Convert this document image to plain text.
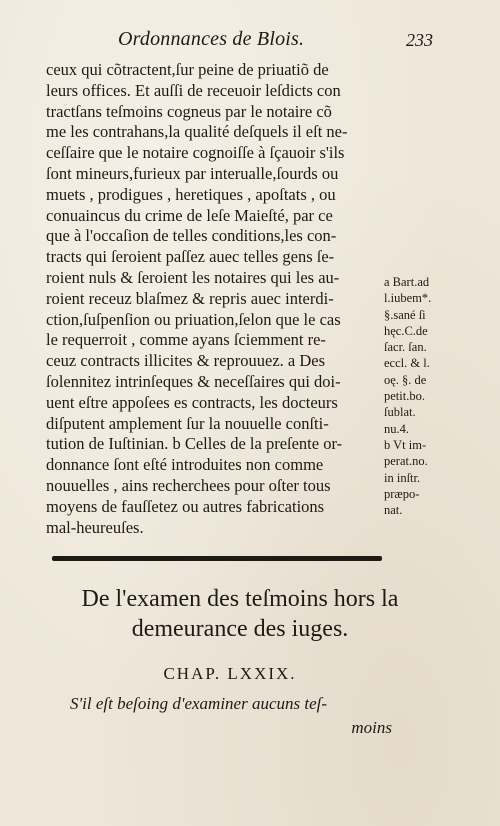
Ordonnances de Blois.	233
ceux qui cõtractent,ſur peine de priuatiõ de
leurs offices. Et auſſi de receuoir leſdicts con
tractſans teſmoins cogneus par le notaire cõ
me les contrahans,la qualité deſquels il eſt ne-
ceſſaire que le notaire cognoiſſe à ſçauoir s'ils
ſont mineurs,furieux par interualle,ſourds ou
muets , prodigues , heretiques , apoſtats , ou
conuaincus du crime de leſe Maieſté, par ce
que à l'occaſion de telles conditions,les con-
tracts qui ſeroient paſſez auec telles gens ſe-
roient nuls & ſeroient les notaires qui les au-
roient receuz blaſmez & repris auec interdi-
ction,ſuſpenſion ou priuation,ſelon que le cas
le requerroit , comme ayans ſciemment re-
ceuz contracts illicites & reprouuez. a Des
ſolennitez intrinſeques & neceſſaires qui doi-
uent eſtre appoſees es contracts, les docteurs
diſputent amplement ſur la nouuelle conſti-
tution de Iuſtinian. b Celles de la preſente or-
donnance ſont eſté introduites non comme
nouuelles , ains recherchees pour oſter tous
moyens de fauſſetez ou autres fabrications
mal-heureuſes.
a Bart.ad
l.iubem*.
§.sané ſi
hęc.C.de
ſacr. ſan.
eccl. & l.
oę. §. de
petit.bo.
ſublat.
nu.4.
b Vt im-
perat.no.
in inſtr.
præpo-
nat.
De l'examen des teſmoins hors la
demeurance des iuges.
CHAP. LXXIX.
S'il eſt beſoing d'examiner aucuns teſ-
moins
